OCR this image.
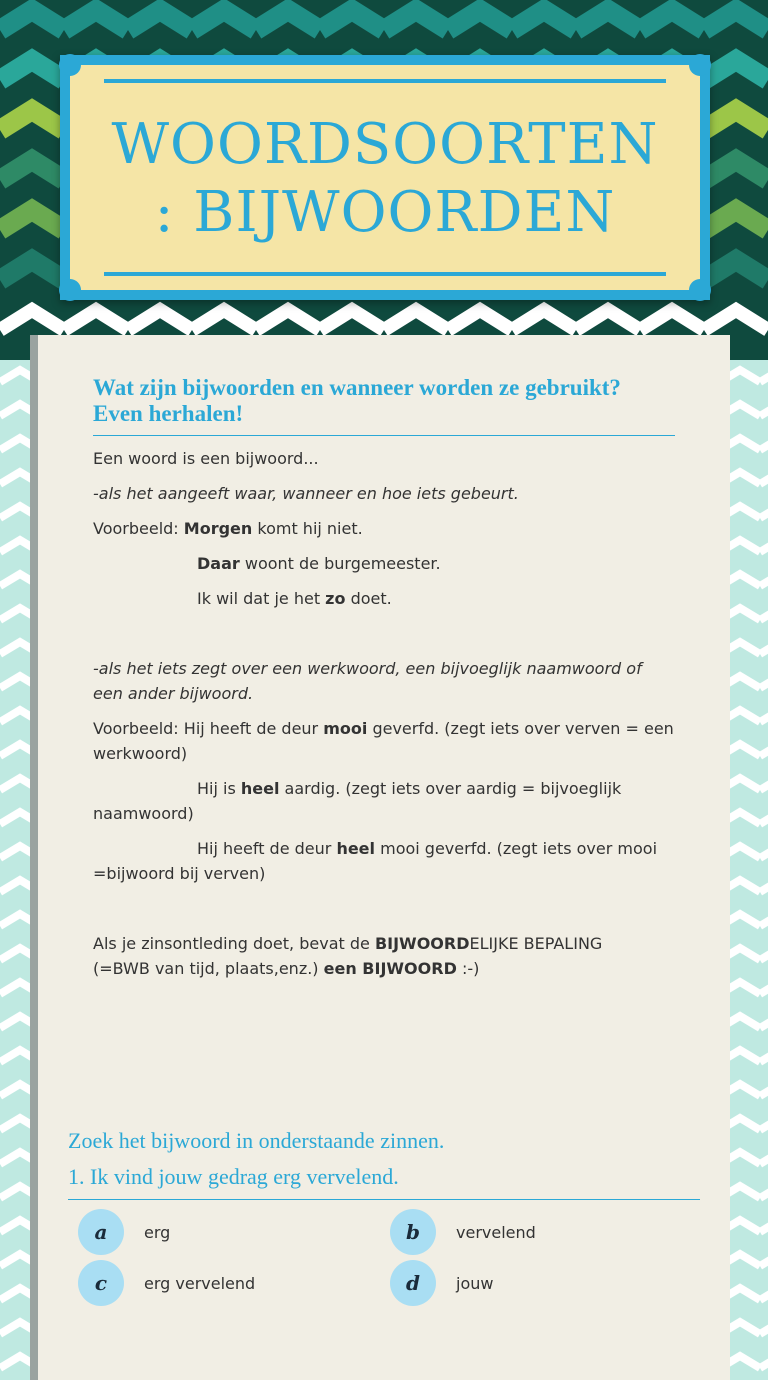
WOORDSOORTEN
: BIJWOORDEN
Wat zijn bijwoorden en wanneer worden ze gebruikt? Even herhalen!

Een woord is een bijwoord...

-als het aangeeft waar, wanneer en hoe iets gebeurt.

Voorbeeld: Morgen komt hij niet.

Daar woont de burgemeester.

Ik wil dat je het zo doet.

-als het iets zegt over een werkwoord, een bijvoeglijk naamwoord of een ander bijwoord.

Voorbeeld: Hij heeft de deur mooi geverfd. (zegt iets over verven = een werkwoord)

Hij is heel aardig. (zegt iets over aardig = bijvoeglijk
naamwoord)

Hij heeft de deur heel mooi geverfd. (zegt iets over mooi
=bijwoord bij verven)

Als je zinsontleding doet, bevat de BIJWOORDELIJKE BEPALING
(=BWB van tijd, plaats,enz.) een BIJWOORD :-)

Zoek het bijwoord in onderstaande zinnen.

1. Ik vind jouw gedrag erg vervelend.

a	erg	b	vervelend
c	erg vervelend	d	jouw
